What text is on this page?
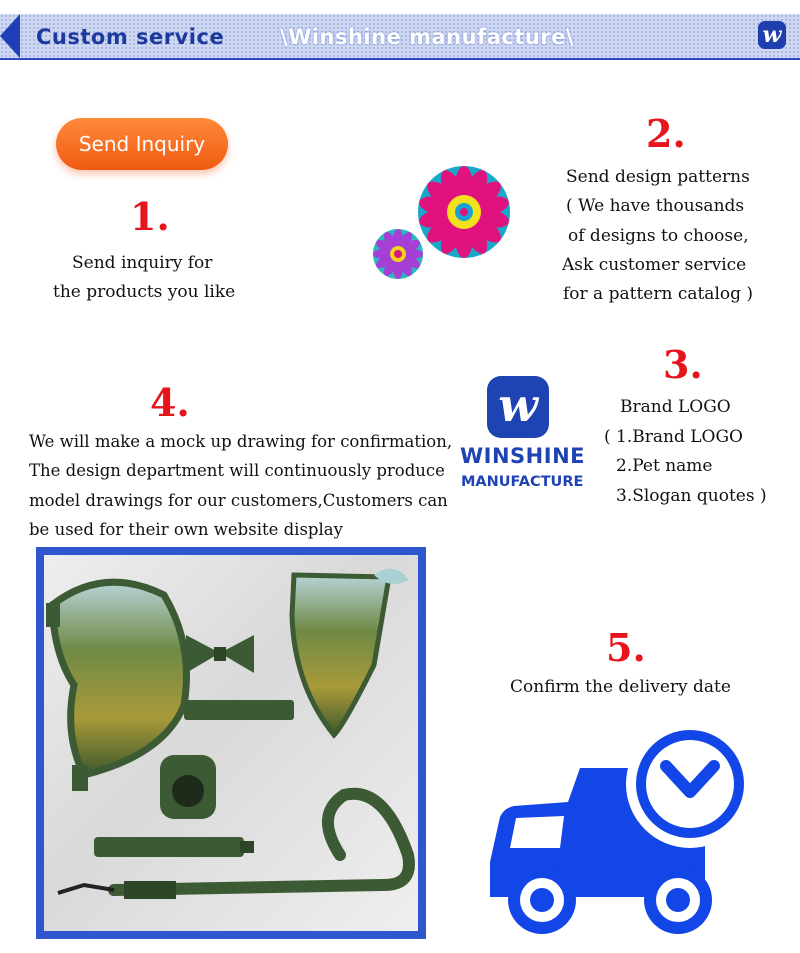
Custom service	\Winshine manufacture\	w
Send Inquiry
1.
Send inquiry for
the products you like
2.
Send design patterns
( We have thousands
of designs to choose,
Ask customer service
for a pattern catalog )
3.
w
WINSHINE
MANUFACTURE
Brand LOGO
( 1.Brand LOGO
2.Pet name
3.Slogan quotes )
4.
We will make a mock up drawing for confirmation,
The design department will continuously produce
model drawings for our customers,Customers can
be used for their own website display
5.
Confirm the delivery date
